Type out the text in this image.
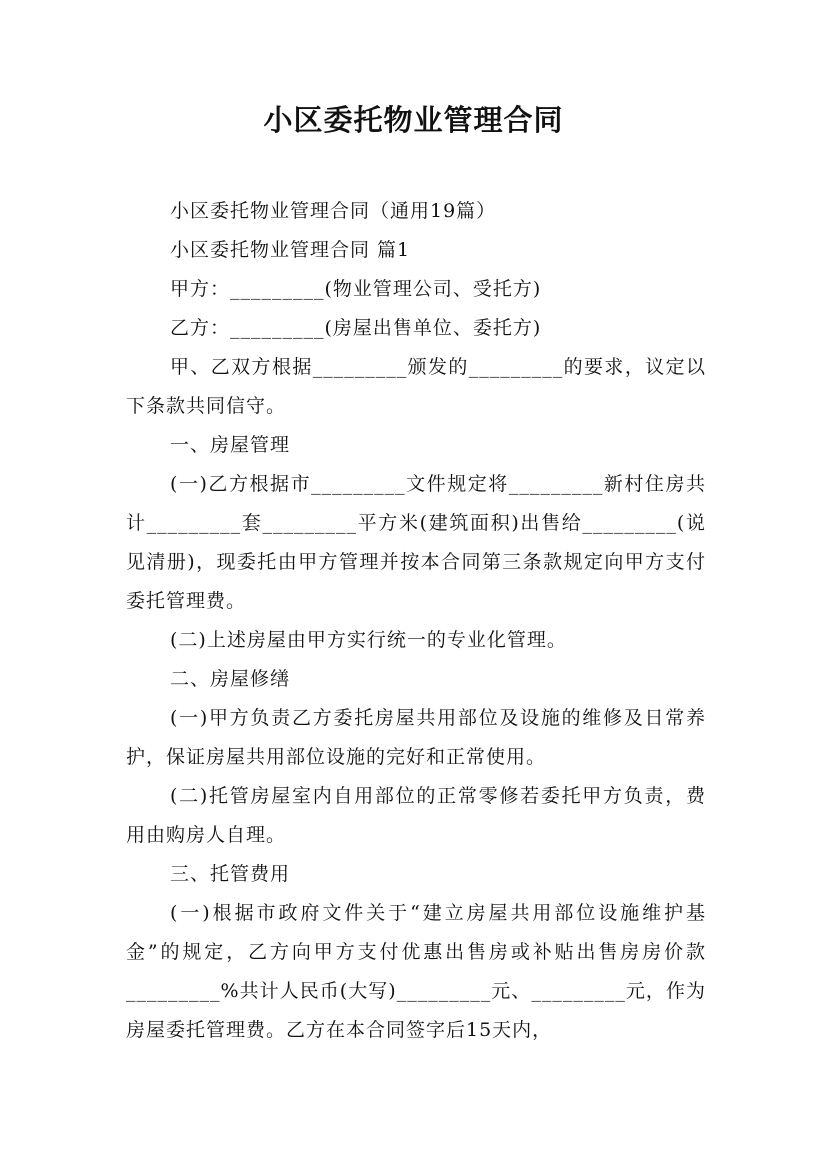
小区委托物业管理合同

小区委托物业管理合同（通用19篇）

小区委托物业管理合同 篇1

甲方：_________(物业管理公司、受托方)

乙方：_________(房屋出售单位、委托方)

甲、乙双方根据_________颁发的_________的要求，议定以下条款共同信守。

一、房屋管理

(一)乙方根据市_________文件规定将_________新村住房共计_________套_________平方米(建筑面积)出售给_________(说见清册)，现委托由甲方管理并按本合同第三条款规定向甲方支付委托管理费。

(二)上述房屋由甲方实行统一的专业化管理。

二、房屋修缮

(一)甲方负责乙方委托房屋共用部位及设施的维修及日常养护，保证房屋共用部位设施的完好和正常使用。

(二)托管房屋室内自用部位的正常零修若委托甲方负责，费用由购房人自理。

三、托管费用

(一)根据市政府文件关于“建立房屋共用部位设施维护基金”的规定，乙方向甲方支付优惠出售房或补贴出售房房价款_________%共计人民币(大写)_________元、_________元，作为房屋委托管理费。乙方在本合同签字后15天内，
